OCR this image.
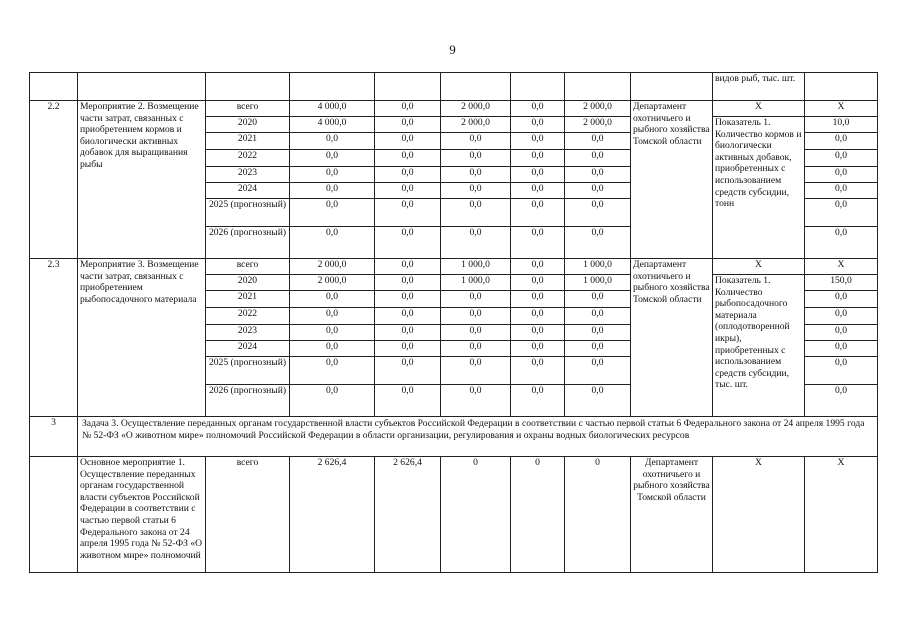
9
									видов рыб, тыс. шт.	
2.2	Мероприятие 2. Возмещение части затрат, связанных с приобретением кормов и биологически активных добавок для выращивания рыбы	всего	4 000,0	0,0	2 000,0	0,0	2 000,0	Департамент охотничьего и рыбного хозяйства Томской области	X	X
		2020	4 000,0	0,0	2 000,0	0,0	2 000,0		Показатель 1. Количество кормов и биологически активных добавок, приобретенных с использованием средств субсидии, тонн	10,0
		2021	0,0	0,0	0,0	0,0	0,0			0,0
		2022	0,0	0,0	0,0	0,0	0,0			0,0
		2023	0,0	0,0	0,0	0,0	0,0			0,0
		2024	0,0	0,0	0,0	0,0	0,0			0,0
		2025 (прогнозный)	0,0	0,0	0,0	0,0	0,0			0,0
		2026 (прогнозный)	0,0	0,0	0,0	0,0	0,0			0,0
2.3	Мероприятие 3. Возмещение части затрат, связанных с приобретением рыбопосадочного материала	всего	2 000,0	0,0	1 000,0	0,0	1 000,0	Департамент охотничьего и рыбного хозяйства Томской области	X	X
		2020	2 000,0	0,0	1 000,0	0,0	1 000,0		Показатель 1. Количество рыбопосадочного материала (оплодотворенной икры), приобретенных с использованием средств субсидии, тыс. шт.	150,0
		2021	0,0	0,0	0,0	0,0	0,0			0,0
		2022	0,0	0,0	0,0	0,0	0,0			0,0
		2023	0,0	0,0	0,0	0,0	0,0			0,0
		2024	0,0	0,0	0,0	0,0	0,0			0,0
		2025 (прогнозный)	0,0	0,0	0,0	0,0	0,0			0,0
		2026 (прогнозный)	0,0	0,0	0,0	0,0	0,0			0,0
3	Задача 3. Осуществление переданных органам государственной власти субъектов Российской Федерации в соответствии с частью первой статьи 6 Федерального закона от 24 апреля 1995 года № 52-ФЗ «О животном мире» полномочий Российской Федерации в области организации, регулирования и охраны водных биологических ресурсов									
	Основное мероприятие 1. Осуществление переданных органам государственной власти субъектов Российской Федерации в соответствии с частью первой статьи 6 Федерального закона от 24 апреля 1995 года № 52-ФЗ «О животном мире» полномочий	всего	2 626,4	2 626,4	0	0	0	Департамент охотничьего и рыбного хозяйства Томской области	X	X
